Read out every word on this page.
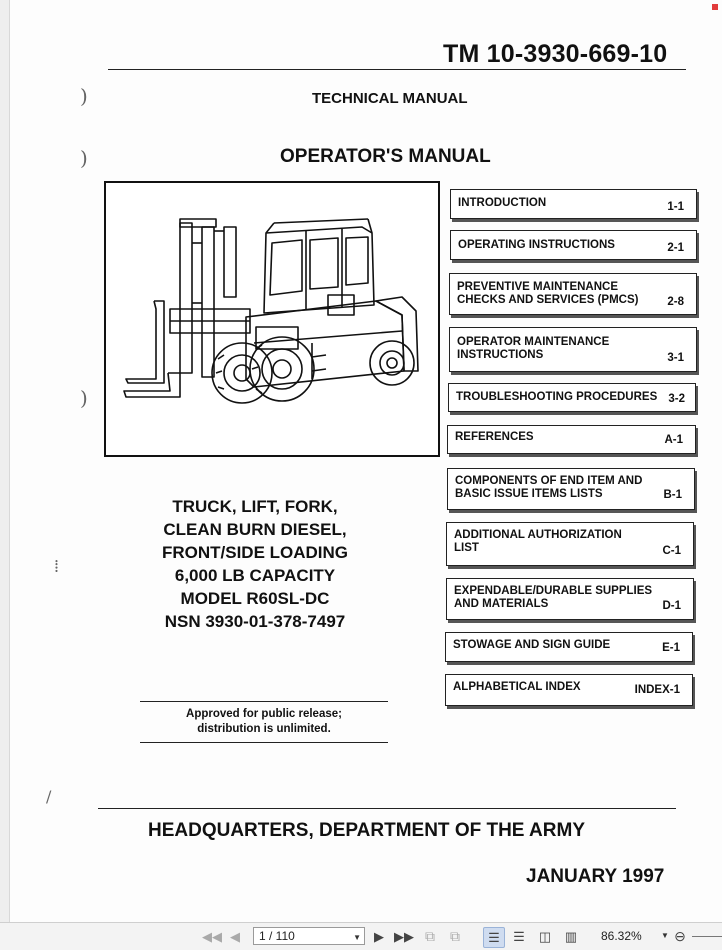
TM 10-3930-669-10
TECHNICAL MANUAL
OPERATOR'S MANUAL
)
)
)
INTRODUCTION	1-1
OPERATING INSTRUCTIONS	2-1
PREVENTIVE MAINTENANCE
CHECKS AND SERVICES (PMCS)	2-8
OPERATOR MAINTENANCE
INSTRUCTIONS	3-1
TROUBLESHOOTING PROCEDURES 3-2
REFERENCES	A-1
COMPONENTS OF END ITEM AND
BASIC ISSUE ITEMS LISTS	B-1
ADDITIONAL AUTHORIZATION
LIST	C-1
EXPENDABLE/DURABLE SUPPLIES
AND MATERIALS	D-1
STOWAGE AND SIGN GUIDE	E-1
ALPHABETICAL INDEX	INDEX-1
TRUCK, LIFT, FORK,
CLEAN BURN DIESEL,
FRONT/SIDE LOADING
6,000 LB CAPACITY
MODEL R60SL-DC
NSN 3930-01-378-7497
⁞
/
Approved for public release;
distribution is unlimited.
HEADQUARTERS, DEPARTMENT OF THE ARMY
JANUARY 1997
◀◀ ◀ 1 / 110	▼ ▶ ▶▶ ⧉ ⧉	☰	☰	◫ ▥	86.32% ▼ ⊖
